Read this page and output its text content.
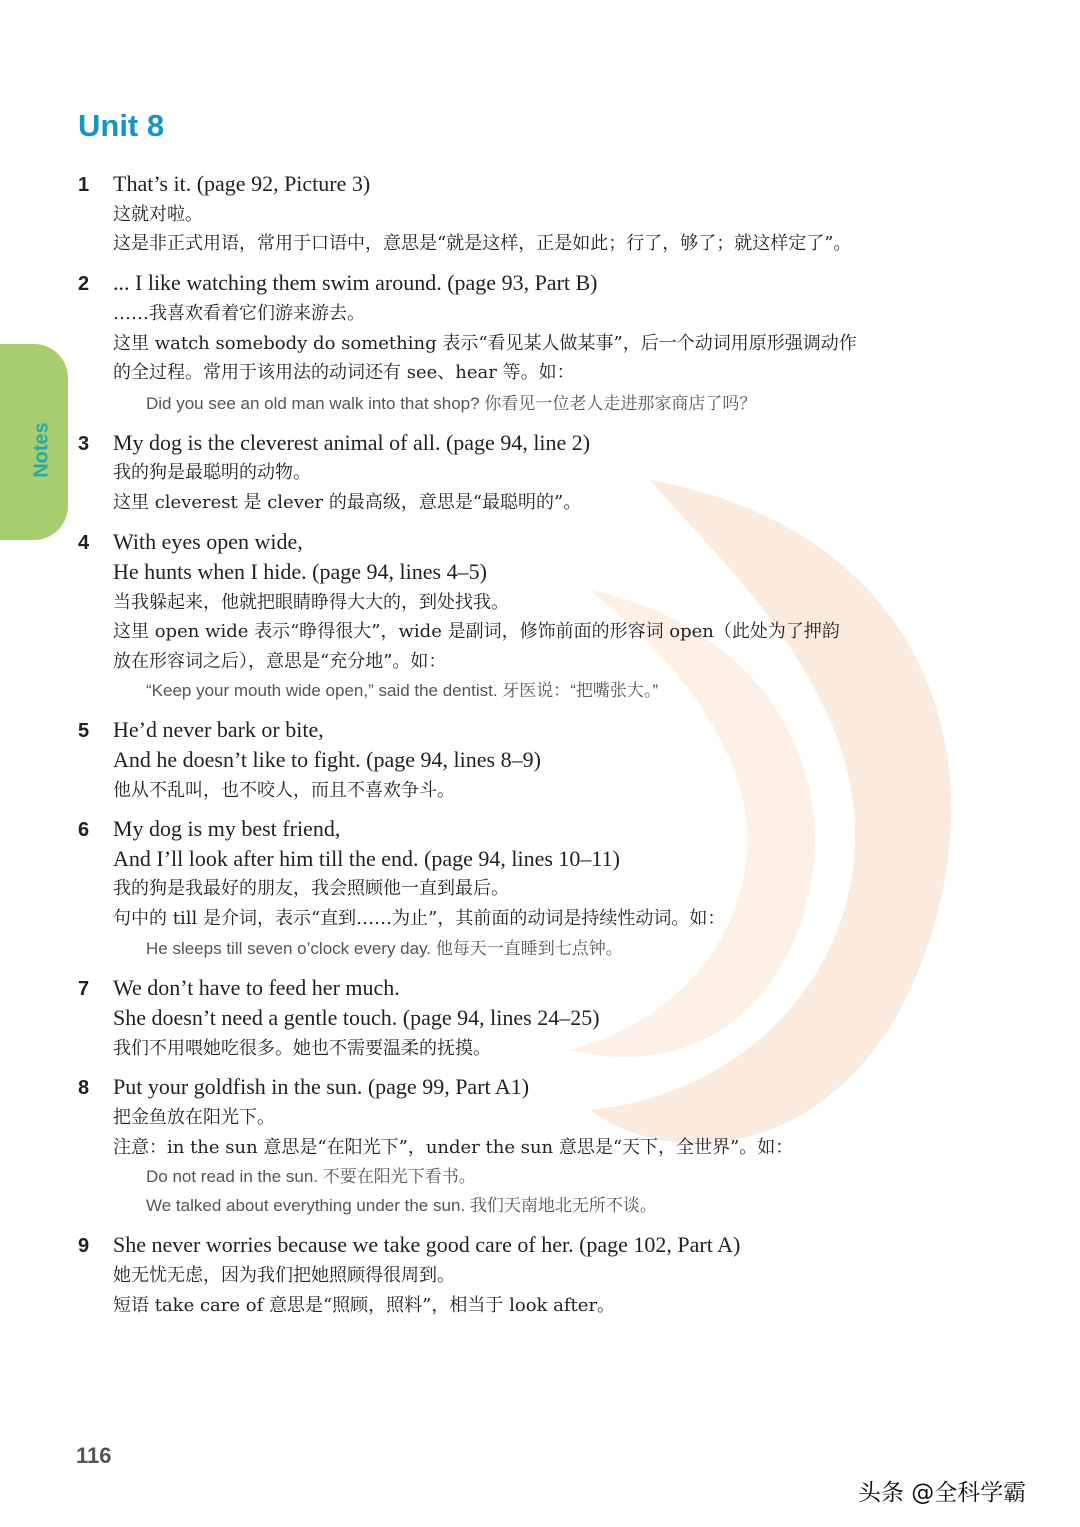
Notes
Unit 8
1 That’s it. (page 92, Picture 3)
这就对啦。
这是非正式用语，常用于口语中，意思是“就是这样，正是如此；行了，够了；就这样定了”。
2 ... I like watching them swim around. (page 93, Part B)
……我喜欢看着它们游来游去。
这里 watch somebody do something 表示“看见某人做某事”，后一个动词用原形强调动作
的全过程。常用于该用法的动词还有 see、hear 等。如：
Did you see an old man walk into that shop? 你看见一位老人走进那家商店了吗？
3 My dog is the cleverest animal of all. (page 94, line 2)
我的狗是最聪明的动物。
这里 cleverest 是 clever 的最高级，意思是“最聪明的”。
4 With eyes open wide,
He hunts when I hide. (page 94, lines 4–5)
当我躲起来，他就把眼睛睁得大大的，到处找我。
这里 open wide 表示“睁得很大”，wide 是副词，修饰前面的形容词 open（此处为了押韵
放在形容词之后），意思是“充分地”。如：
“Keep your mouth wide open,” said the dentist. 牙医说：“把嘴张大。”
5 He’d never bark or bite,
And he doesn’t like to fight. (page 94, lines 8–9)
他从不乱叫，也不咬人，而且不喜欢争斗。
6 My dog is my best friend,
And I’ll look after him till the end. (page 94, lines 10–11)
我的狗是我最好的朋友，我会照顾他一直到最后。
句中的 till 是介词，表示“直到……为止”，其前面的动词是持续性动词。如：
He sleeps till seven o’clock every day. 他每天一直睡到七点钟。
7 We don’t have to feed her much.
She doesn’t need a gentle touch. (page 94, lines 24–25)
我们不用喂她吃很多。她也不需要温柔的抚摸。
8 Put your goldfish in the sun. (page 99, Part A1)
把金鱼放在阳光下。
注意：in the sun 意思是“在阳光下”，under the sun 意思是“天下，全世界”。如：
Do not read in the sun. 不要在阳光下看书。
We talked about everything under the sun. 我们天南地北无所不谈。
9 She never worries because we take good care of her. (page 102, Part A)
她无忧无虑，因为我们把她照顾得很周到。
短语 take care of 意思是“照顾，照料”，相当于 look after。
116
头条 @全科学霸
